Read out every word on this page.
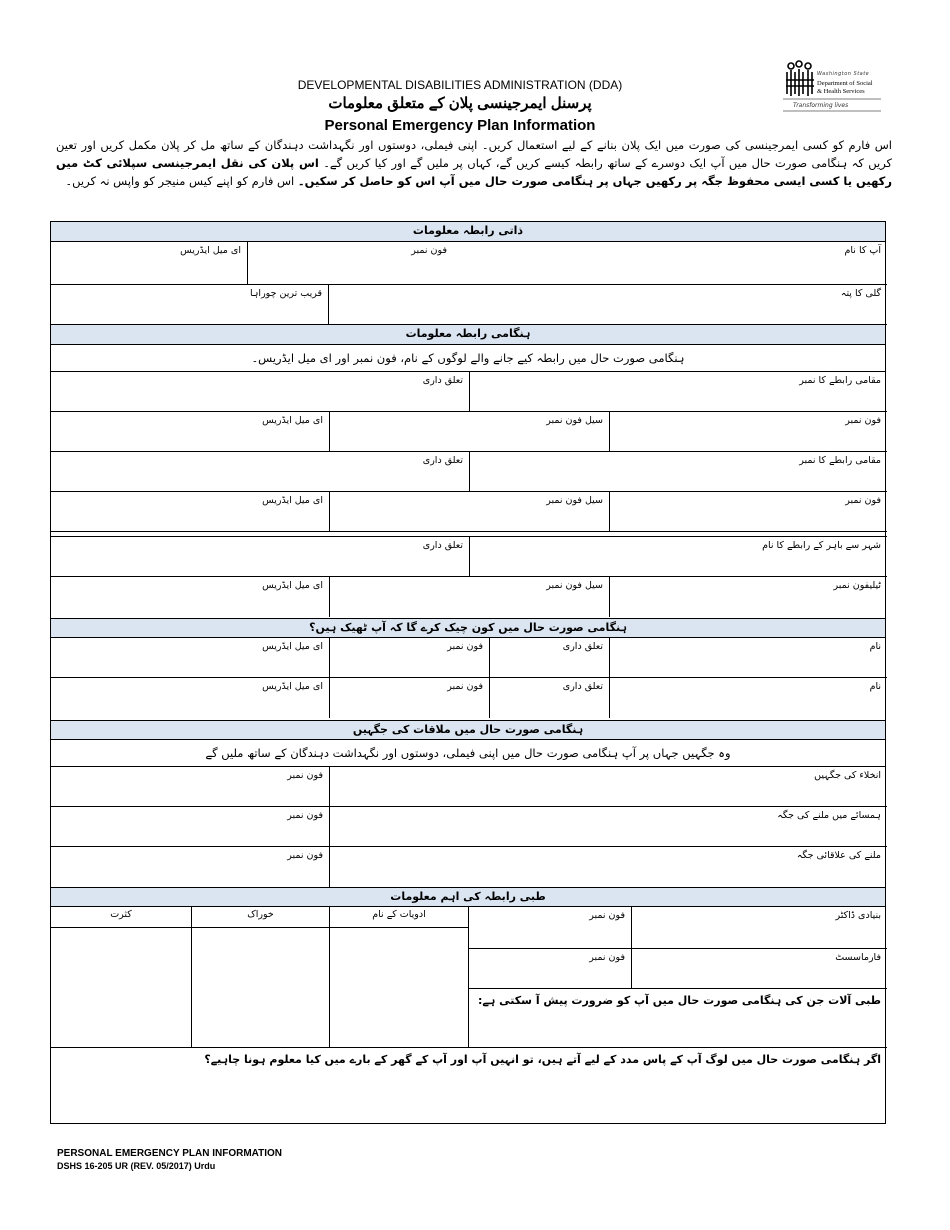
DEVELOPMENTAL DISABILITIES ADMINISTRATION (DDA)
پرسنل ایمرجینسی پلان کے متعلق معلومات
Personal Emergency Plan Information
Washington State
Department of Social
& Health Services
Transforming lives
اس فارم کو کسی ایمرجینسی کی صورت میں ایک پلان بنانے کے لیے استعمال کریں۔ اپنی فیملی، دوستوں اور نگہداشت دہندگان کے ساتھ مل کر پلان مکمل کریں اور تعین کریں کہ ہنگامی صورت حال میں آپ ایک دوسرے کے ساتھ رابطہ کیسے کریں گے، کہاں پر ملیں گے اور کیا کریں گے۔ اس پلان کی نقل ایمرجینسی سپلائی کٹ میں رکھیں یا کسی ایسی محفوظ جگہ پر رکھیں جہاں پر ہنگامی صورت حال میں آپ اس کو حاصل کر سکیں۔ اس فارم کو اپنے کیس منیجر کو واپس نہ کریں۔
ذاتی رابطہ معلومات
آپ کا نام
فون نمبر
ای میل ایڈریس
گلی کا پتہ
قریب ترین چوراہا
ہنگامی رابطہ معلومات
ہنگامی صورت حال میں رابطہ کیے جانے والے لوگوں کے نام، فون نمبر اور ای میل ایڈریس۔
مقامی رابطے کا نمبر
تعلق داری
فون نمبر
سیل فون نمبر
ای میل ایڈریس
مقامی رابطے کا نمبر
تعلق داری
فون نمبر
سیل فون نمبر
ای میل ایڈریس
شہر سے باہر کے رابطے کا نام
تعلق داری
ٹیلیفون نمبر
سیل فون نمبر
ای میل ایڈریس
ہنگامی صورت حال میں کون چیک کرے گا کہ آپ ٹھیک ہیں؟
نام
تعلق داری
فون نمبر
ای میل ایڈریس
نام
تعلق داری
فون نمبر
ای میل ایڈریس
ہنگامی صورت حال میں ملاقات کی جگہیں
وہ جگہیں جہاں پر آپ ہنگامی صورت حال میں اپنی فیملی، دوستوں اور نگہداشت دہندگان کے ساتھ ملیں گے
انخلاء کی جگہیں
فون نمبر
ہمسائے میں ملنے کی جگہ
فون نمبر
ملنے کی علاقائی جگہ
فون نمبر
طبی رابطہ کی اہم معلومات
ادویات کے نام
خوراک
کثرت	بنیادی ڈاکٹر
فون نمبر
فارماسسٹ
فون نمبر
طبی آلات جن کی ہنگامی صورت حال میں آپ کو ضرورت پیش آ سکتی ہے:
اگر ہنگامی صورت حال میں لوگ آپ کے پاس مدد کے لیے آتے ہیں، تو انہیں آپ اور آپ کے گھر کے بارے میں کیا معلوم ہونا چاہیے؟
PERSONAL EMERGENCY PLAN INFORMATION
DSHS 16-205 UR (REV. 05/2017) Urdu
